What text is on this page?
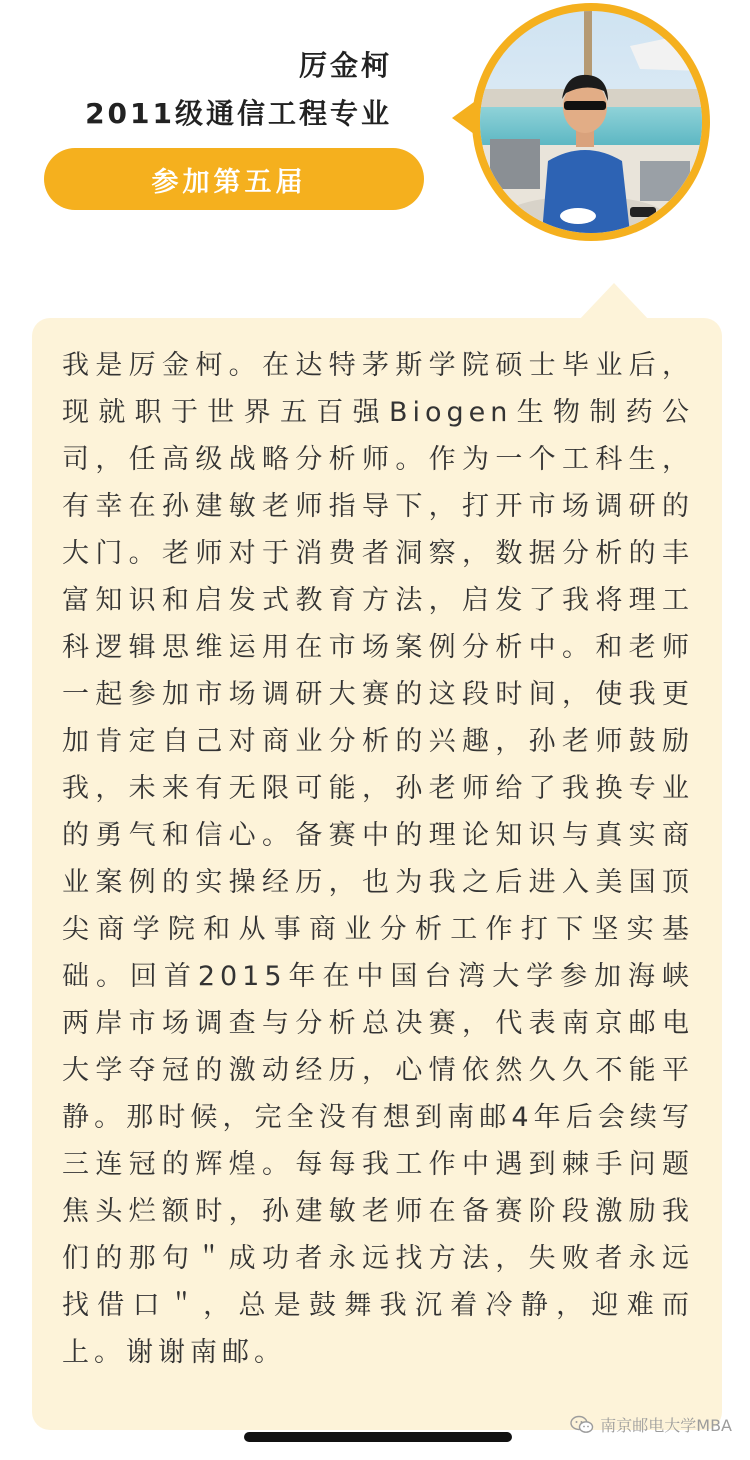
厉金柯
2011级通信工程专业
参加第五届

我是厉金柯。在达特茅斯学院硕士毕业后，现就职于世界五百强Biogen生物制药公司，任高级战略分析师。作为一个工科生，有幸在孙建敏老师指导下，打开市场调研的大门。老师对于消费者洞察，数据分析的丰富知识和启发式教育方法，启发了我将理工科逻辑思维运用在市场案例分析中。和老师一起参加市场调研大赛的这段时间，使我更加肯定自己对商业分析的兴趣，孙老师鼓励我，未来有无限可能，孙老师给了我换专业的勇气和信心。备赛中的理论知识与真实商业案例的实操经历，也为我之后进入美国顶尖商学院和从事商业分析工作打下坚实基础。回首2015年在中国台湾大学参加海峡两岸市场调查与分析总决赛，代表南京邮电大学夺冠的激动经历，心情依然久久不能平静。那时候，完全没有想到南邮4年后会续写三连冠的辉煌。每每我工作中遇到棘手问题焦头烂额时，孙建敏老师在备赛阶段激励我们的那句＂成功者永远找方法，失败者永远找借口＂，总是鼓舞我沉着冷静，迎难而上。谢谢南邮。

南京邮电大学MBA
